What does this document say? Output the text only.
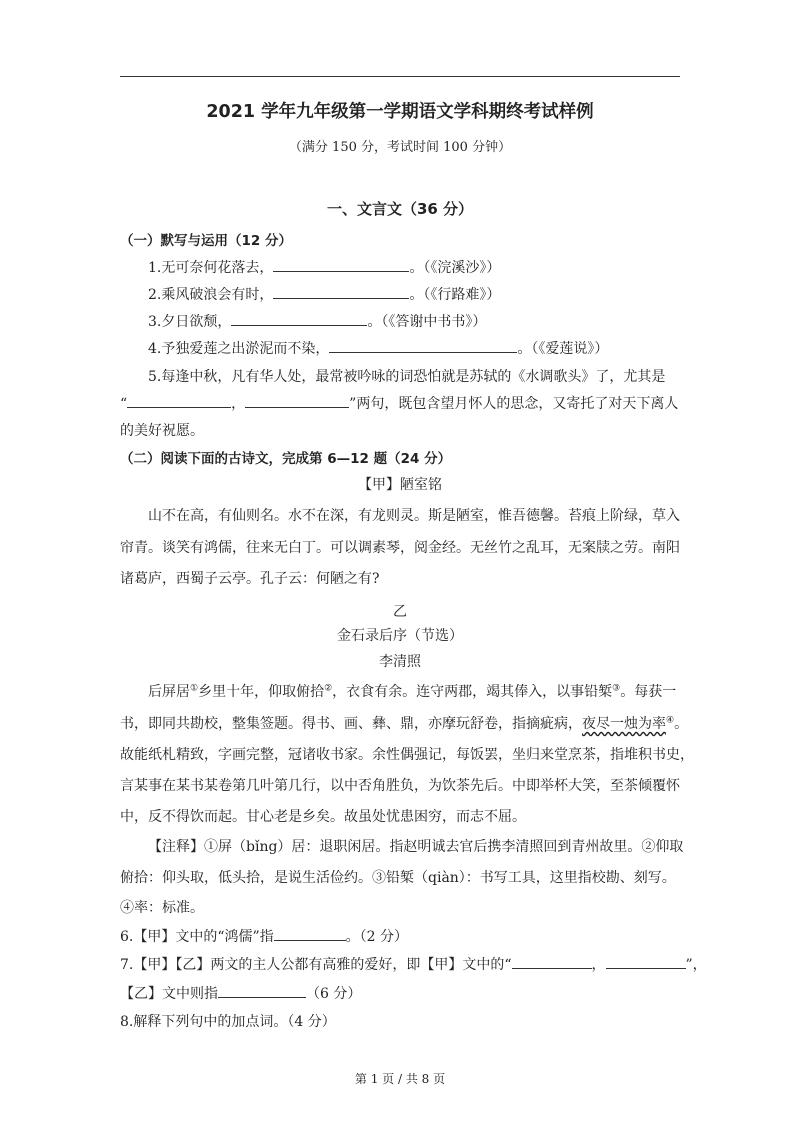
2021 学年九年级第一学期语文学科期终考试样例
（满分 150 分，考试时间 100 分钟）
一、文言文（36 分）
（一）默写与运用（12 分）
1.无可奈何花落去，	。（《浣溪沙》）
2.乘风破浪会有时，	。（《行路难》）
3.夕日欲颓，	。（《答谢中书书》）
4.予独爱莲之出淤泥而不染，	。（《爱莲说》）
5.每逢中秋，凡有华人处，最常被吟咏的词恐怕就是苏轼的《水调歌头》了，尤其是
“	，	”两句，既包含望月怀人的思念，又寄托了对天下离人
的美好祝愿。
（二）阅读下面的古诗文，完成第 6—12 题（24 分）
【甲】陋室铭
山不在高，有仙则名。水不在深，有龙则灵。斯是陋室，惟吾德馨。苔痕上阶绿，草入
帘青。谈笑有鸿儒，往来无白丁。可以调素琴，阅金经。无丝竹之乱耳，无案牍之劳。南阳
诸葛庐，西蜀子云亭。孔子云：何陋之有?
乙
金石录后序（节选）
李清照
后屏居①乡里十年，仰取俯拾②，衣食有余。连守两郡，竭其俸入，以事铅椠③。每获一
书，即同共勘校，整集签题。得书、画、彝、鼎，亦摩玩舒卷，指摘疵病，夜尽一烛为率④。
故能纸札精致，字画完整，冠诸收书家。余性偶强记，每饭罢，坐归来堂烹茶，指堆积书史，
言某事在某书某卷第几叶第几行，以中否角胜负，为饮茶先后。中即举杯大笑，至茶倾覆怀
中，反不得饮而起。甘心老是乡矣。故虽处忧患困穷，而志不屈。
【注释】①屏（bǐng）居：退职闲居。指赵明诚去官后携李清照回到青州故里。②仰取
俯拾：仰头取，低头拾，是说生活俭约。③铅椠（qiàn）：书写工具，这里指校勘、刻写。
④率：标准。
6.【甲】文中的“鸿儒”指	。（2 分）
7.【甲】【乙】两文的主人公都有高雅的爱好，即【甲】文中的“	，	”，
【乙】文中则指	（6 分）
8.解释下列句中的加点词。（4 分）
第 1 页 / 共 8 页
